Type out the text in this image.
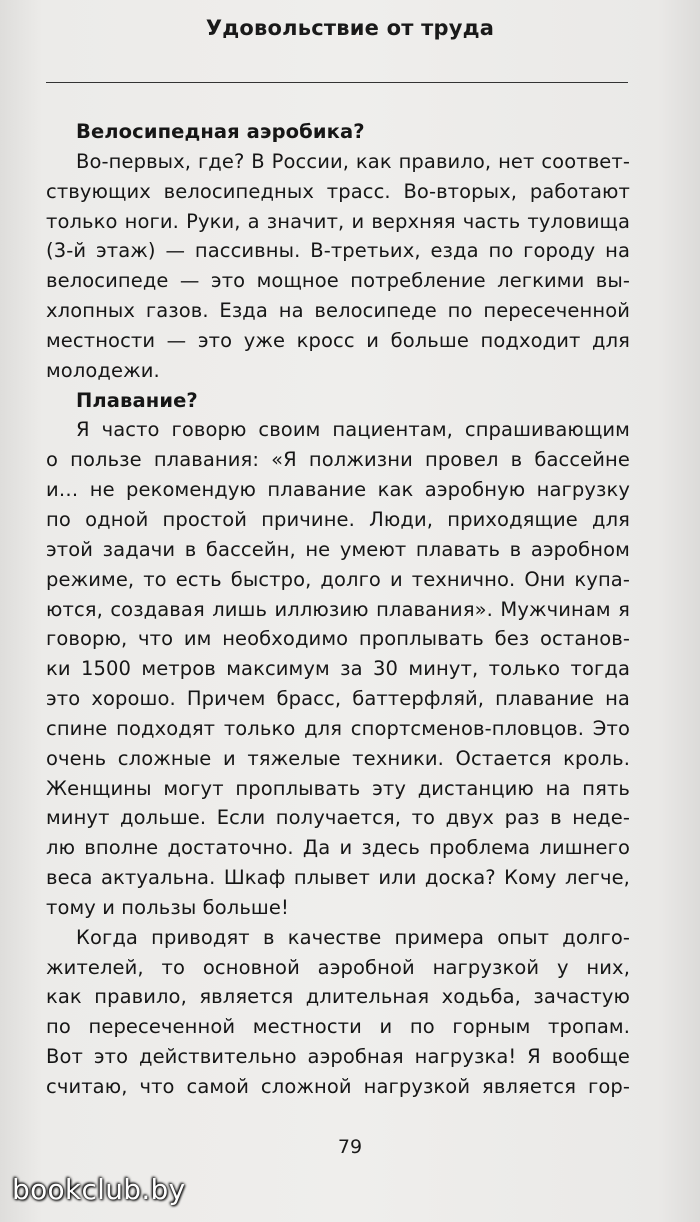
Удовольствие от труда
Велосипедная аэробика?
Во-первых, где? В России, как правило, нет соответ-
ствующих велосипедных трасс. Во-вторых, работают
только ноги. Руки, а значит, и верхняя часть туловища
(3-й этаж) — пассивны. В-третьих, езда по городу на
велосипеде — это мощное потребление легкими вы-
хлопных газов. Езда на велосипеде по пересеченной
местности — это уже кросс и больше подходит для
молодежи.
Плавание?
Я часто говорю своим пациентам, спрашивающим
о пользе плавания: «Я полжизни провел в бассейне
и… не рекомендую плавание как аэробную нагрузку
по одной простой причине. Люди, приходящие для
этой задачи в бассейн, не умеют плавать в аэробном
режиме, то есть быстро, долго и технично. Они купа-
ются, создавая лишь иллюзию плавания». Мужчинам я
говорю, что им необходимо проплывать без останов-
ки 1500 метров максимум за 30 минут, только тогда
это хорошо. Причем брасс, баттерфляй, плавание на
спине подходят только для спортсменов-пловцов. Это
очень сложные и тяжелые техники. Остается кроль.
Женщины могут проплывать эту дистанцию на пять
минут дольше. Если получается, то двух раз в неде-
лю вполне достаточно. Да и здесь проблема лишнего
веса актуальна. Шкаф плывет или доска? Кому легче,
тому и пользы больше!
Когда приводят в качестве примера опыт долго-
жителей, то основной аэробной нагрузкой у них,
как правило, является длительная ходьба, зачастую
по пересеченной местности и по горным тропам.
Вот это действительно аэробная нагрузка! Я вообще
считаю, что самой сложной нагрузкой является гор-
79
bookclub.by
